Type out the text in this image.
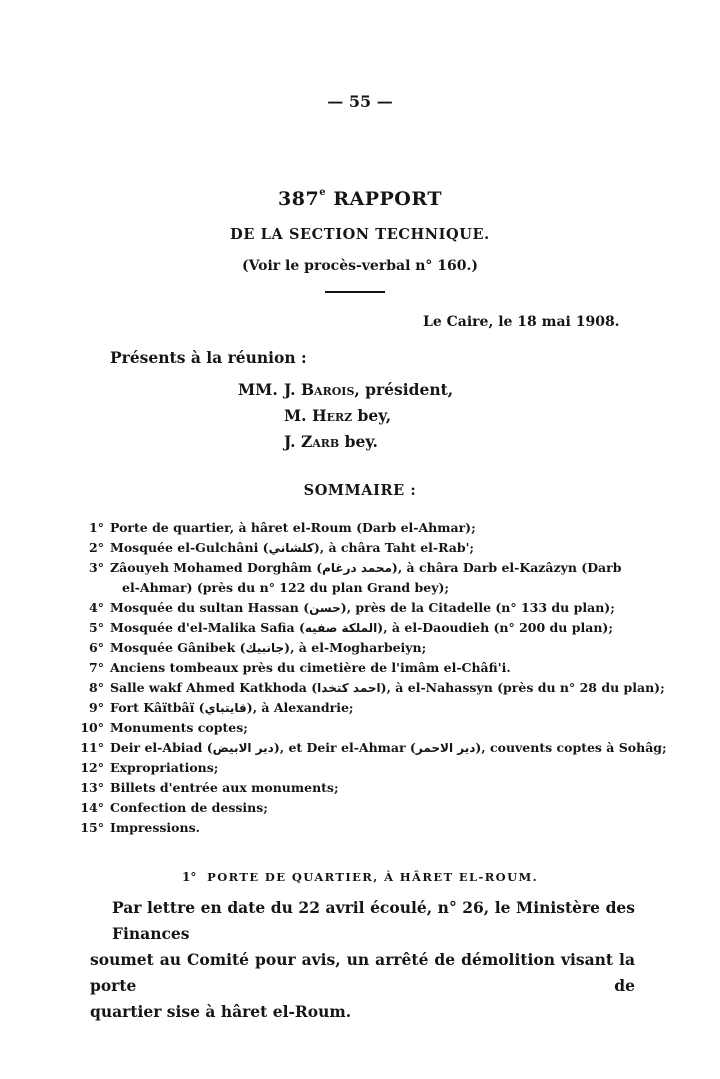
— 55 —
387e RAPPORT
DE LA SECTION TECHNIQUE.
(Voir le procès-verbal n° 160.)
Le Caire, le 18 mai 1908.
Présents à la réunion :
MM. J. Barois, président,
M. Herz bey,
J. Zarb bey.
SOMMAIRE :
1° Porte de quartier, à hâret el-Roum (Darb el-Ahmar);
2° Mosquée el-Gulchâni (كلشاني), à châra Taht el-Rab';
3° Zâouyeh Mohamed Dorghâm (محمد درغام), à châra Darb el-Kazâzyn (Darb
el-Ahmar) (près du n° 122 du plan Grand bey);
4° Mosquée du sultan Hassan (حسن), près de la Citadelle (n° 133 du plan);
5° Mosquée d'el-Malika Safia (الملكة صفيه), à el-Daoudieh (n° 200 du plan);
6° Mosquée Gânibek (جانبيك), à el-Mogharbeiyn;
7° Anciens tombeaux près du cimetière de l'imâm el-Châfi'i.
8° Salle wakf Ahmed Katkhoda (احمد كتخدا), à el-Nahassyn (près du n° 28 du plan);
9° Fort Kâïtbâï (قايتباي), à Alexandrie;
10° Monuments coptes;
11° Deir el-Abiad (دير الابيض), et Deir el-Ahmar (دير الاحمر), couvents coptes à Sohâg;
12° Expropriations;
13° Billets d'entrée aux monuments;
14° Confection de dessins;
15° Impressions.
1° PORTE DE QUARTIER, À HÂRET EL-ROUM.

Par lettre en date du 22 avril écoulé, n° 26, le Ministère des Finances
soumet au Comité pour avis, un arrêté de démolition visant la porte de
quartier sise à hâret el-Roum.
